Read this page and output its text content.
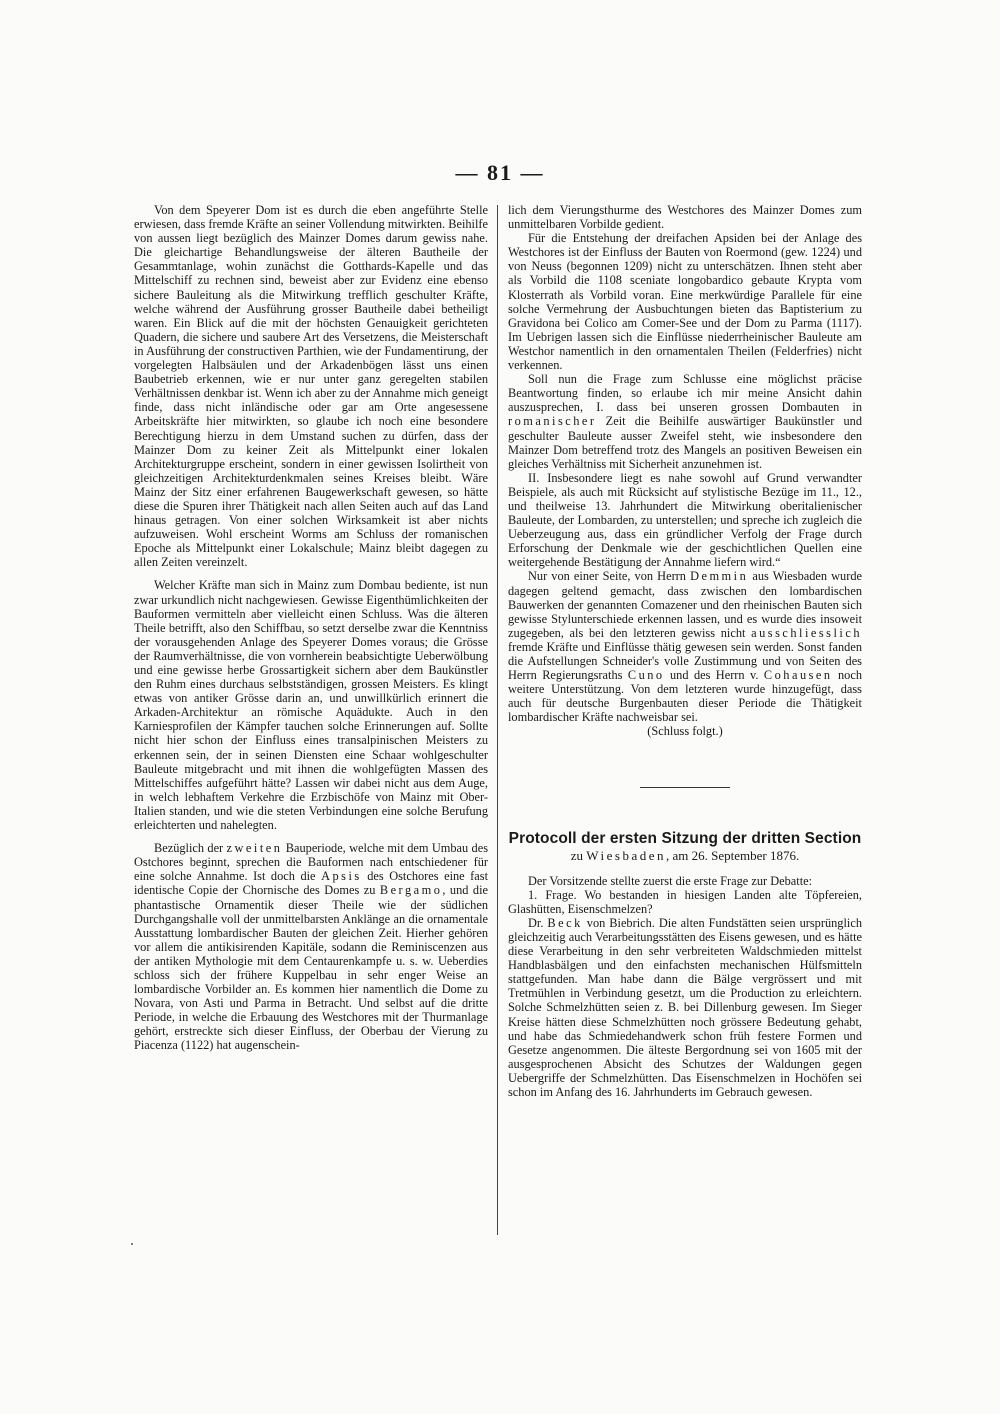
— 81 —

Von dem Speyerer Dom ist es durch die eben angeführte Stelle erwiesen, dass fremde Kräfte an seiner Vollendung mitwirkten. Beihilfe von aussen liegt bezüglich des Mainzer Domes darum gewiss nahe. Die gleichartige Behandlungsweise der älteren Bautheile der Gesammtanlage, wohin zunächst die Gotthards-Kapelle und das Mittelschiff zu rechnen sind, beweist aber zur Evidenz eine ebenso sichere Bauleitung als die Mitwirkung trefflich geschulter Kräfte, welche während der Ausführung grosser Bautheile dabei betheiligt waren. Ein Blick auf die mit der höchsten Genauigkeit gerichteten Quadern, die sichere und saubere Art des Versetzens, die Meisterschaft in Ausführung der constructiven Parthien, wie der Fundamentirung, der vorgelegten Halbsäulen und der Arkadenbögen lässt uns einen Baubetrieb erkennen, wie er nur unter ganz geregelten stabilen Verhältnissen denkbar ist. Wenn ich aber zu der Annahme mich geneigt finde, dass nicht inländische oder gar am Orte angesessene Arbeitskräfte hier mitwirkten, so glaube ich noch eine besondere Berechtigung hierzu in dem Umstand suchen zu dürfen, dass der Mainzer Dom zu keiner Zeit als Mittelpunkt einer lokalen Architekturgruppe erscheint, sondern in einer gewissen Isolirtheit von gleichzeitigen Architekturdenkmalen seines Kreises bleibt. Wäre Mainz der Sitz einer erfahrenen Baugewerkschaft gewesen, so hätte diese die Spuren ihrer Thätigkeit nach allen Seiten auch auf das Land hinaus getragen. Von einer solchen Wirksamkeit ist aber nichts aufzuweisen. Wohl erscheint Worms am Schluss der romanischen Epoche als Mittelpunkt einer Lokalschule; Mainz bleibt dagegen zu allen Zeiten vereinzelt.

Welcher Kräfte man sich in Mainz zum Dombau bediente, ist nun zwar urkundlich nicht nachgewiesen. Gewisse Eigenthümlichkeiten der Bauformen vermitteln aber vielleicht einen Schluss. Was die älteren Theile betrifft, also den Schiffbau, so setzt derselbe zwar die Kenntniss der vorausgehenden Anlage des Speyerer Domes voraus; die Grösse der Raumverhältnisse, die von vornherein beabsichtigte Ueberwölbung und eine gewisse herbe Grossartigkeit sichern aber dem Baukünstler den Ruhm eines durchaus selbstständigen, grossen Meisters. Es klingt etwas von antiker Grösse darin an, und unwillkürlich erinnert die Arkaden-Architektur an römische Aquädukte. Auch in den Karniesprofilen der Kämpfer tauchen solche Erinnerungen auf. Sollte nicht hier schon der Einfluss eines transalpinischen Meisters zu erkennen sein, der in seinen Diensten eine Schaar wohlgeschulter Bauleute mitgebracht und mit ihnen die wohlgefügten Massen des Mittelschiffes aufgeführt hätte? Lassen wir dabei nicht aus dem Auge, in welch lebhaftem Verkehre die Erzbischöfe von Mainz mit Ober-Italien standen, und wie die steten Verbindungen eine solche Berufung erleichterten und nahelegten.

Bezüglich der zweiten Bauperiode, welche mit dem Umbau des Ostchores beginnt, sprechen die Bauformen nach entschiedener für eine solche Annahme. Ist doch die Apsis des Ostchores eine fast identische Copie der Chornische des Domes zu Bergamo, und die phantastische Ornamentik dieser Theile wie der südlichen Durchgangshalle voll der unmittelbarsten Anklänge an die ornamentale Ausstattung lombardischer Bauten der gleichen Zeit. Hierher gehören vor allem die antikisirenden Kapitäle, sodann die Reminiscenzen aus der antiken Mythologie mit dem Centaurenkampfe u. s. w. Ueberdies schloss sich der frühere Kuppelbau in sehr enger Weise an lombardische Vorbilder an. Es kommen hier namentlich die Dome zu Novara, von Asti und Parma in Betracht. Und selbst auf die dritte Periode, in welche die Erbauung des Westchores mit der Thurmanlage gehört, erstreckte sich dieser Einfluss, der Oberbau der Vierung zu Piacenza (1122) hat augenschein-

lich dem Vierungsthurme des Westchores des Mainzer Domes zum unmittelbaren Vorbilde gedient.

Für die Entstehung der dreifachen Apsiden bei der Anlage des Westchores ist der Einfluss der Bauten von Roermond (gew. 1224) und von Neuss (begonnen 1209) nicht zu unterschätzen. Ihnen steht aber als Vorbild die 1108 sceniate longobardico gebaute Krypta vom Klosterrath als Vorbild voran. Eine merkwürdige Parallele für eine solche Vermehrung der Ausbuchtungen bieten das Baptisterium zu Gravidona bei Colico am Comer-See und der Dom zu Parma (1117). Im Uebrigen lassen sich die Einflüsse niederrheinischer Bauleute am Westchor namentlich in den ornamentalen Theilen (Felderfries) nicht verkennen.

Soll nun die Frage zum Schlusse eine möglichst präcise Beantwortung finden, so erlaube ich mir meine Ansicht dahin auszusprechen, I. dass bei unseren grossen Dombauten in romanischer Zeit die Beihilfe auswärtiger Baukünstler und geschulter Bauleute ausser Zweifel steht, wie insbesondere den Mainzer Dom betreffend trotz des Mangels an positiven Beweisen ein gleiches Verhältniss mit Sicherheit anzunehmen ist.

II. Insbesondere liegt es nahe sowohl auf Grund verwandter Beispiele, als auch mit Rücksicht auf stylistische Bezüge im 11., 12., und theilweise 13. Jahrhundert die Mitwirkung oberitalienischer Bauleute, der Lombarden, zu unterstellen; und spreche ich zugleich die Ueberzeugung aus, dass ein gründlicher Verfolg der Frage durch Erforschung der Denkmale wie der geschichtlichen Quellen eine weitergehende Bestätigung der Annahme liefern wird.“

Nur von einer Seite, von Herrn Demmin aus Wiesbaden wurde dagegen geltend gemacht, dass zwischen den lombardischen Bauwerken der genannten Comazener und den rheinischen Bauten sich gewisse Stylunterschiede erkennen lassen, und es wurde dies insoweit zugegeben, als bei den letzteren gewiss nicht ausschliesslich fremde Kräfte und Einflüsse thätig gewesen sein werden. Sonst fanden die Aufstellungen Schneider's volle Zustimmung und von Seiten des Herrn Regierungsraths Cuno und des Herrn v. Cohausen noch weitere Unterstützung. Von dem letzteren wurde hinzugefügt, dass auch für deutsche Burgenbauten dieser Periode die Thätigkeit lombardischer Kräfte nachweisbar sei.

(Schluss folgt.)

Protocoll der ersten Sitzung der dritten Section
zu Wiesbaden, am 26. September 1876.

Der Vorsitzende stellte zuerst die erste Frage zur Debatte:

1. Frage. Wo bestanden in hiesigen Landen alte Töpfereien, Glashütten, Eisenschmelzen?

Dr. Beck von Biebrich. Die alten Fundstätten seien ursprünglich gleichzeitig auch Verarbeitungsstätten des Eisens gewesen, und es hätte diese Verarbeitung in den sehr verbreiteten Waldschmieden mittelst Handblasbälgen und den einfachsten mechanischen Hülfsmitteln stattgefunden. Man habe dann die Bälge vergrössert und mit Tretmühlen in Verbindung gesetzt, um die Production zu erleichtern. Solche Schmelzhütten seien z. B. bei Dillenburg gewesen. Im Sieger Kreise hätten diese Schmelzhütten noch grössere Bedeutung gehabt, und habe das Schmiedehandwerk schon früh festere Formen und Gesetze angenommen. Die älteste Bergordnung sei von 1605 mit der ausgesprochenen Absicht des Schutzes der Waldungen gegen Uebergriffe der Schmelzhütten. Das Eisenschmelzen in Hochöfen sei schon im Anfang des 16. Jahrhunderts im Gebrauch gewesen.
